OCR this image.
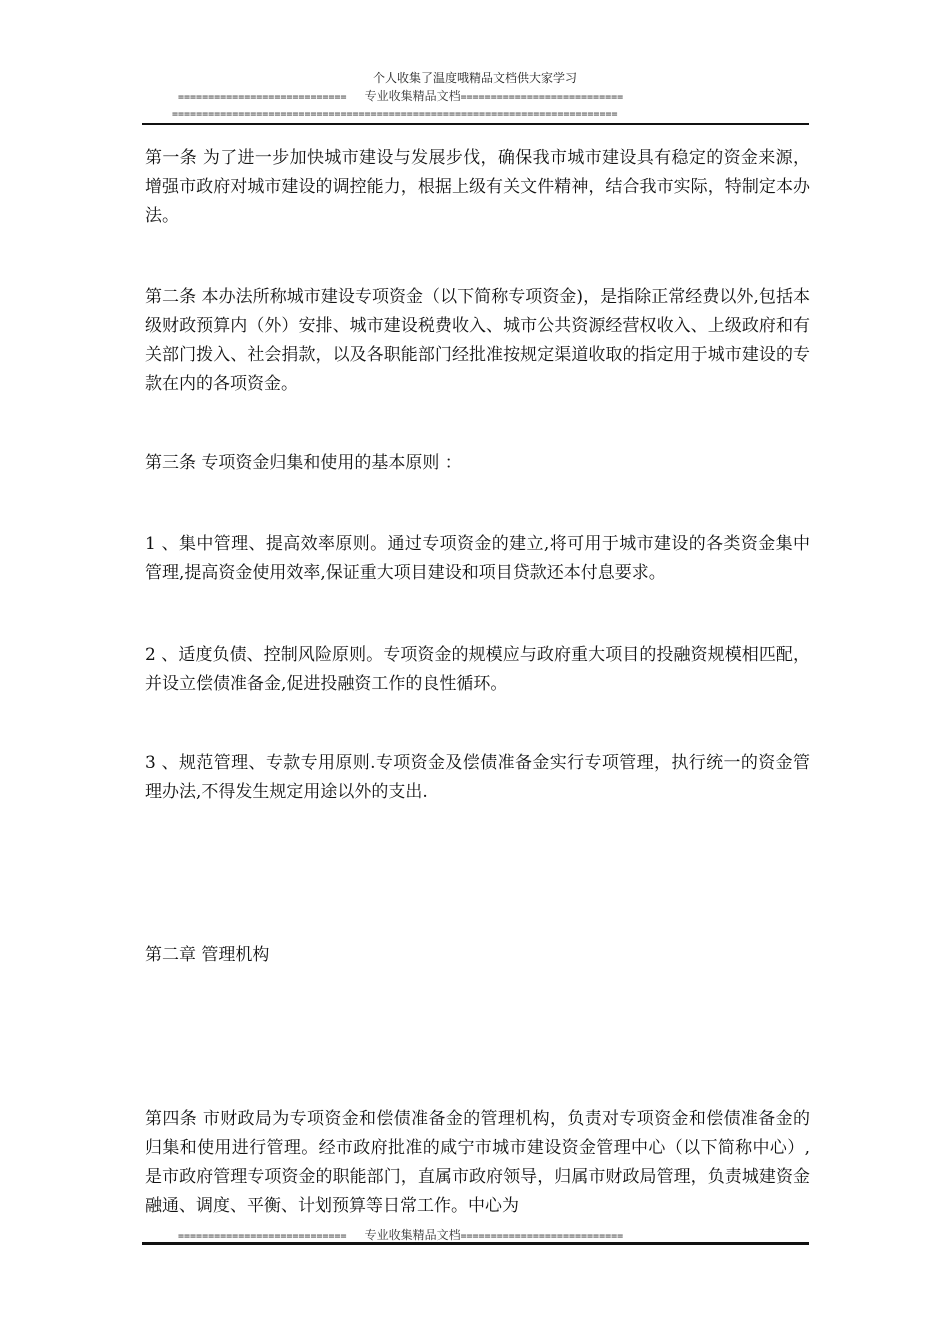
个人收集了温度哦精品文档供大家学习
============================ 专业收集精品文档===========================
==========================================================================

第一条 为了进一步加快城市建设与发展步伐，确保我市城市建设具有稳定的资金来源，增强市政府对城市建设的调控能力，根据上级有关文件精神，结合我市实际，特制定本办法。

第二条 本办法所称城市建设专项资金（以下简称专项资金)，是指除正常经费以外,包括本级财政预算内（外）安排、城市建设税费收入、城市公共资源经营权收入、上级政府和有关部门拨入、社会捐款，以及各职能部门经批准按规定渠道收取的指定用于城市建设的专款在内的各项资金。

第三条 专项资金归集和使用的基本原则 ：

1 、集中管理、提高效率原则。通过专项资金的建立,将可用于城市建设的各类资金集中管理,提高资金使用效率,保证重大项目建设和项目贷款还本付息要求。

2 、适度负债、控制风险原则。专项资金的规模应与政府重大项目的投融资规模相匹配，并设立偿债准备金,促进投融资工作的良性循环。

3 、规范管理、专款专用原则.专项资金及偿债准备金实行专项管理，执行统一的资金管理办法,不得发生规定用途以外的支出.

第二章 管理机构

第四条 市财政局为专项资金和偿债准备金的管理机构，负责对专项资金和偿债准备金的归集和使用进行管理。经市政府批准的咸宁市城市建设资金管理中心（以下简称中心）,是市政府管理专项资金的职能部门，直属市政府领导，归属市财政局管理，负责城建资金融通、调度、平衡、计划预算等日常工作。中心为

============================ 专业收集精品文档===========================
